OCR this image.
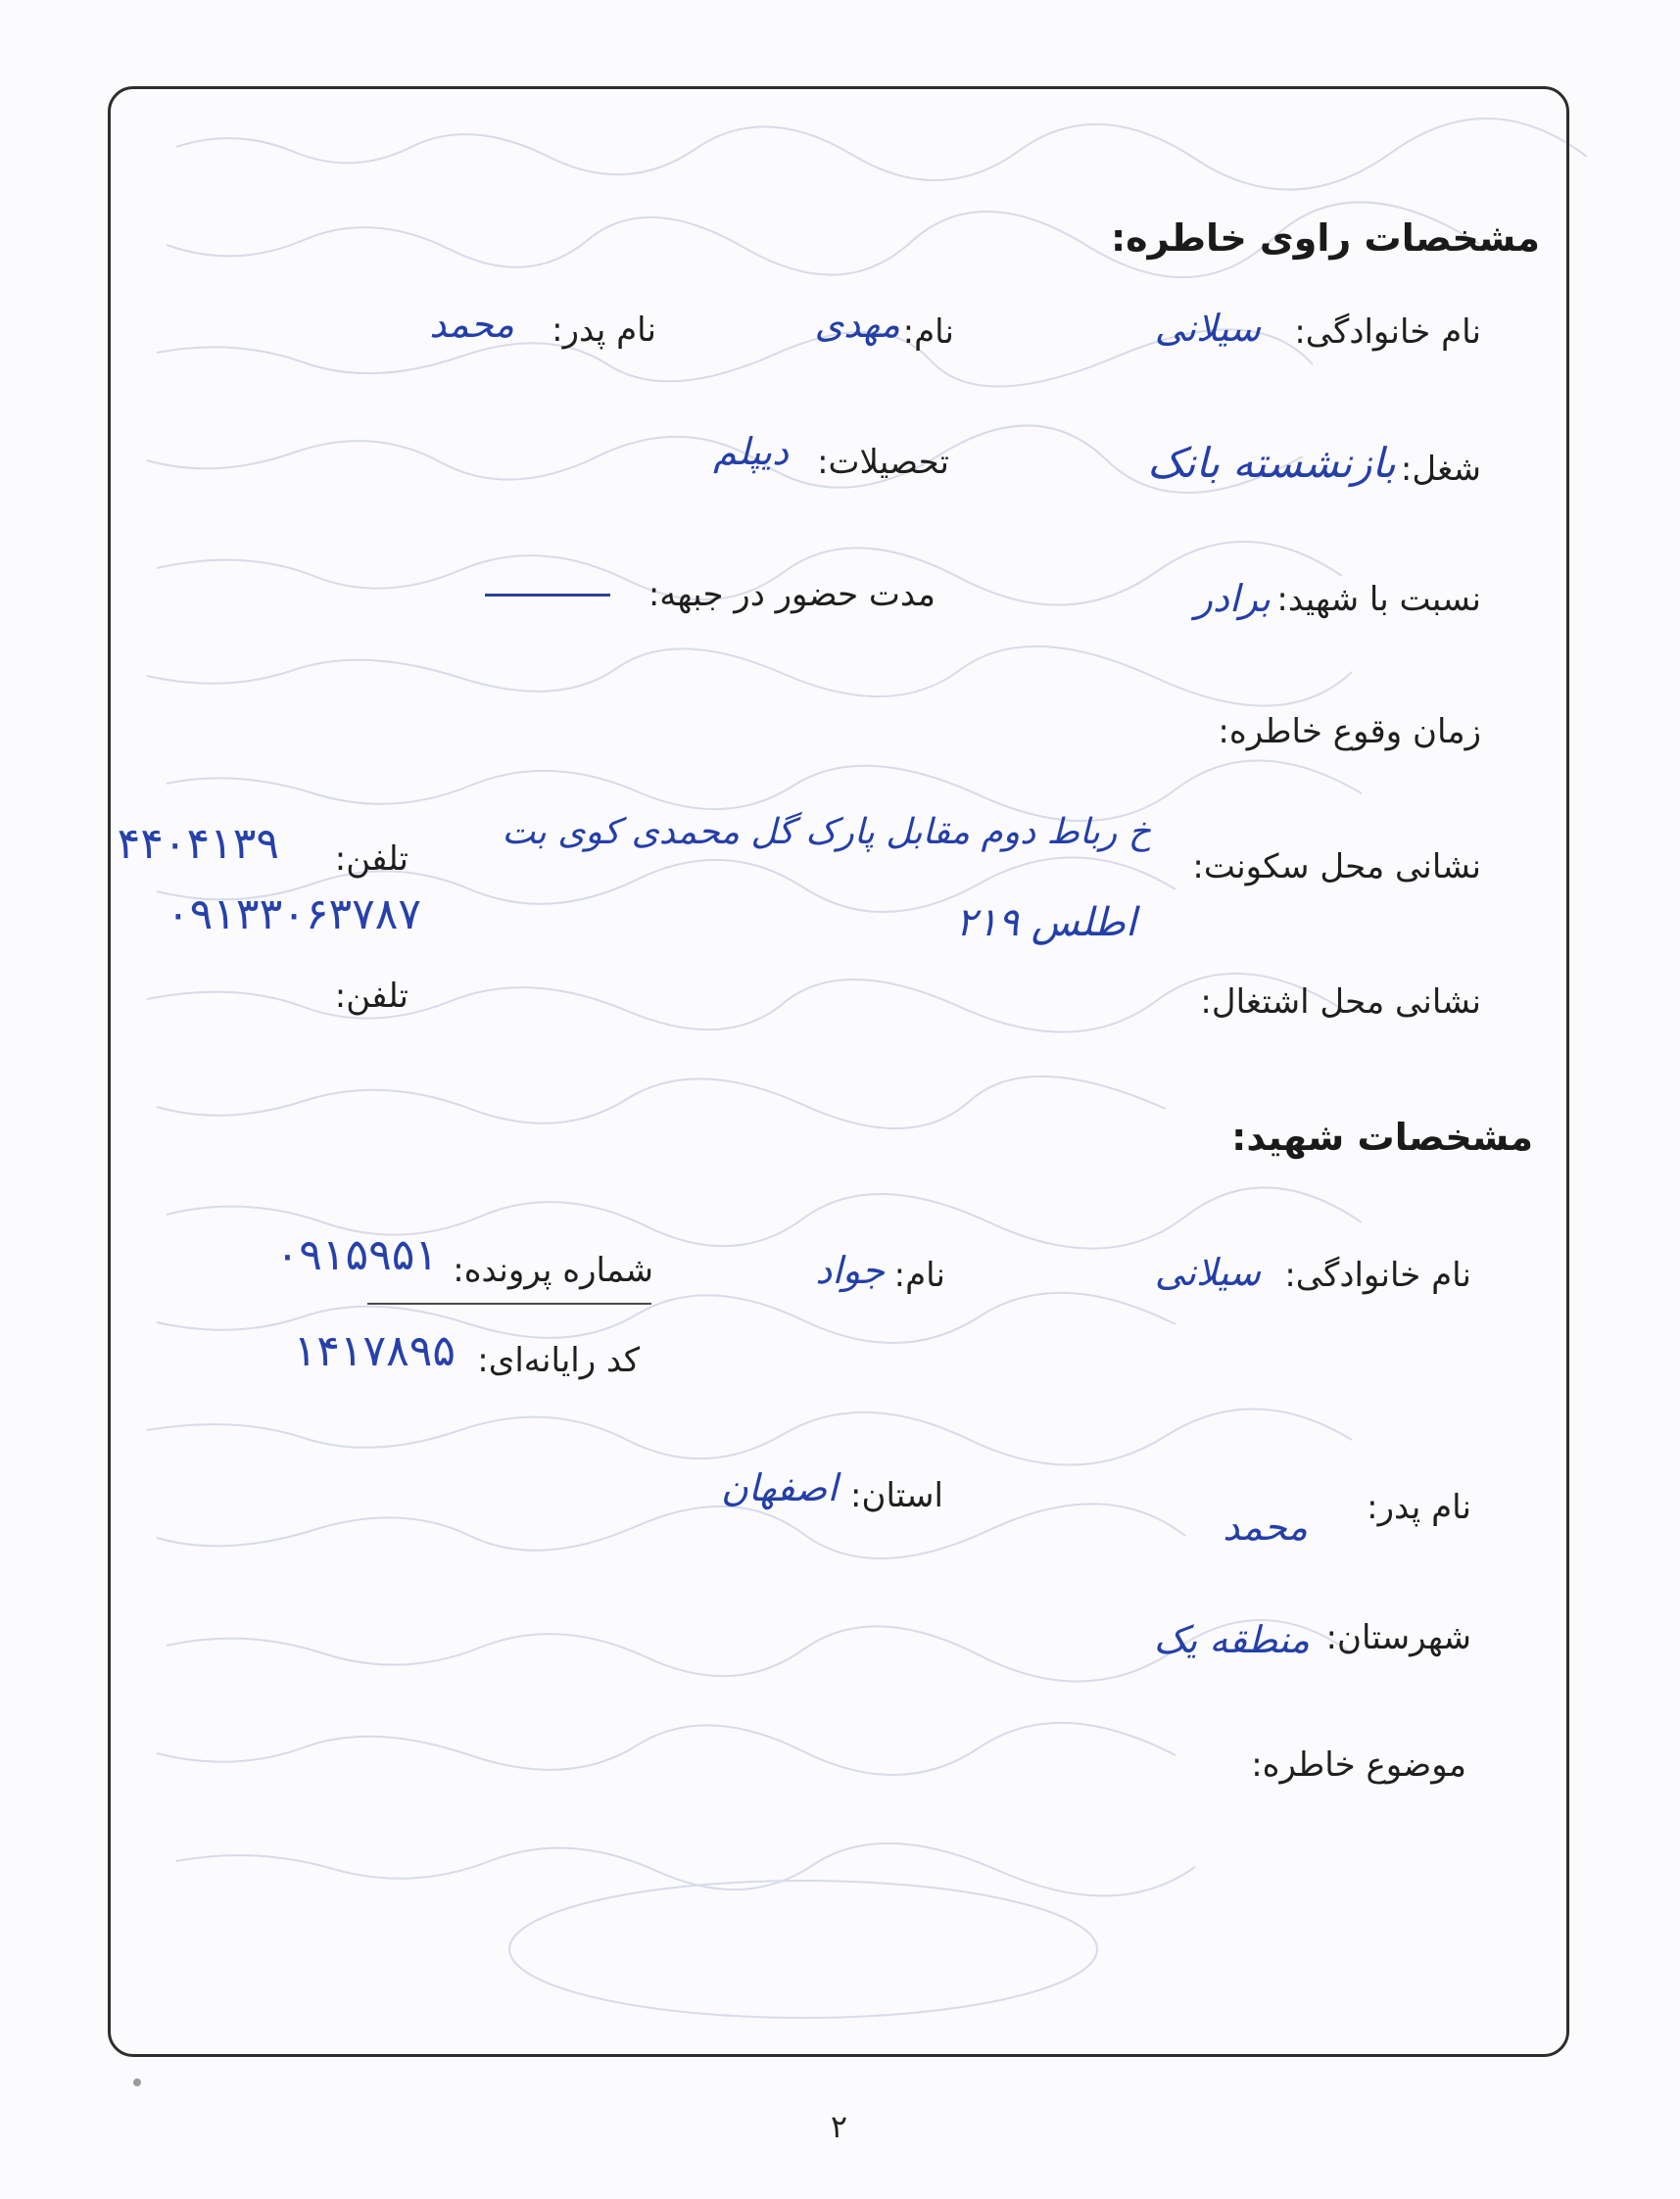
مشخصات راوی خاطره:
نام خانوادگی:
سیلانی
نام:
مهدی
نام پدر:
محمد
شغل:
بازنشسته بانک
تحصیلات:
دیپلم
نسبت با شهید:
برادر
مدت حضور در جبهه:
زمان وقوع خاطره:
نشانی محل سکونت:
خ رباط دوم مقابل پارک گل محمدی کوی بت
اطلس ۲۱۹
تلفن:
۴۴۰۴۱۳۹
۰۹۱۳۳۰۶۳۷۸۷
نشانی محل اشتغال:
تلفن:
مشخصات شهید:
نام خانوادگی:
سیلانی
نام:
جواد
شماره پرونده:
۰۹۱۵۹۵۱
کد رایانه‌ای:
۱۴۱۷۸۹۵
نام پدر:
محمد
استان:
اصفهان
شهرستان:
منطقه یک
موضوع خاطره:
۲
